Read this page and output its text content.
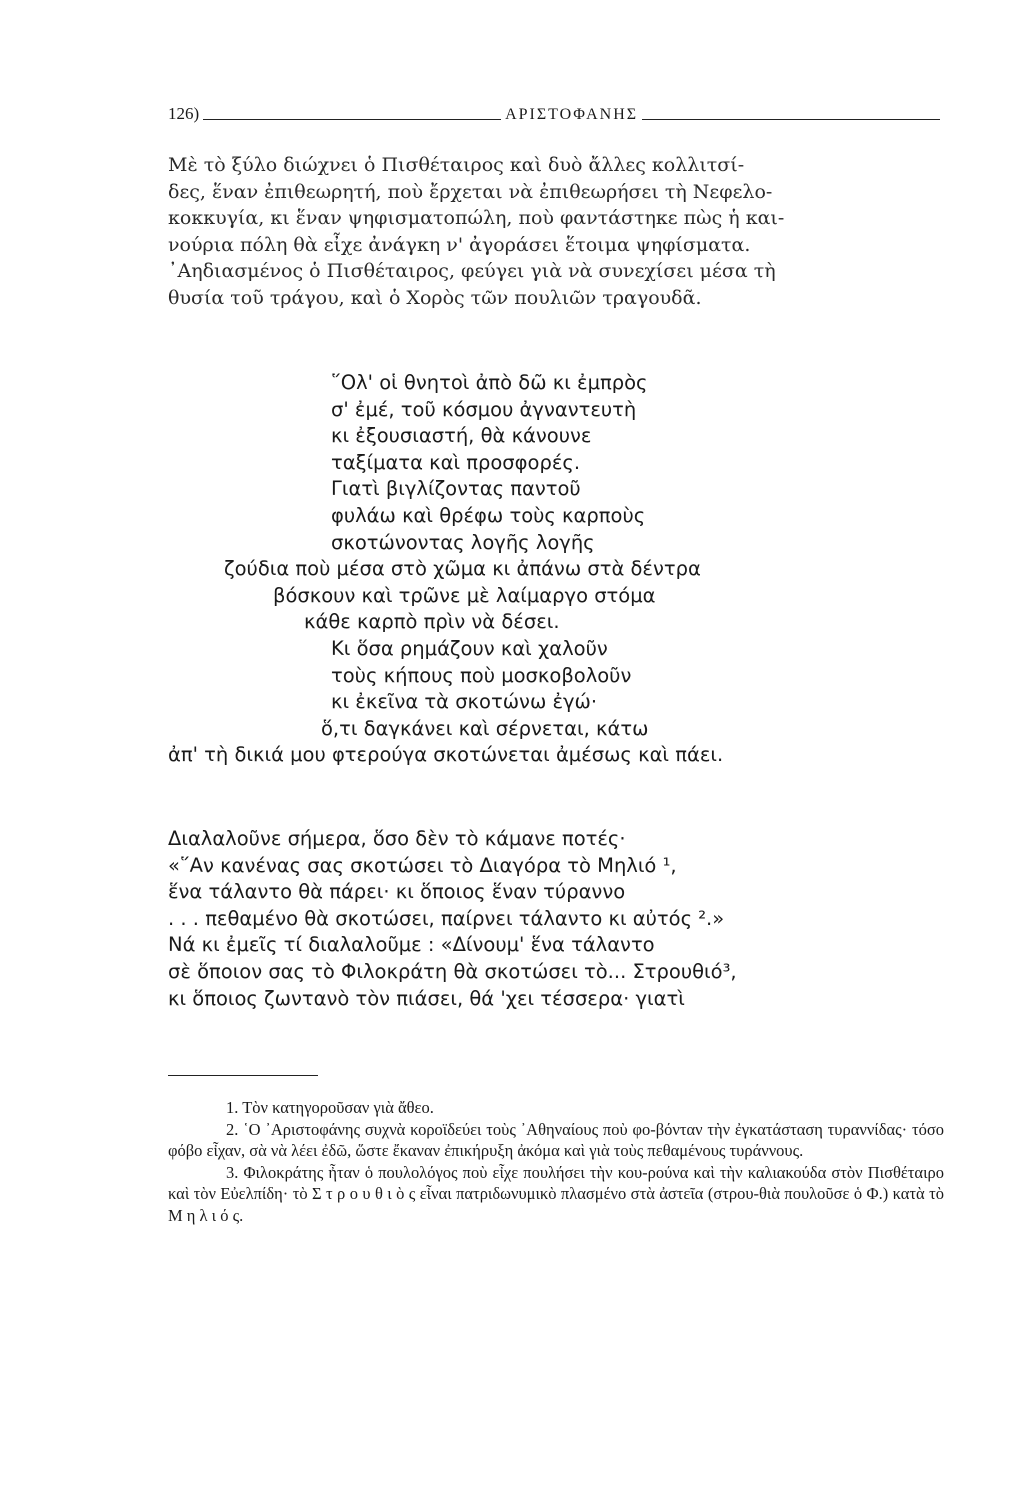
126)	ΑΡΙΣΤΟΦΑΝΗΣ

Μὲ τὸ ξύλο διώχνει ὁ Πισθέταιρος καὶ δυὸ ἄλλες κολλιτσί-

δες, ἕναν ἐπιθεωρητή, ποὺ ἔρχεται νὰ ἐπιθεωρήσει τὴ Νεφελο-

κοκκυγία, κι ἕναν ψηφισματοπώλη, ποὺ φαντάστηκε πὼς ἡ και-

νούρια πόλη θὰ εἶχε ἀνάγκη ν' ἀγοράσει ἕτοιμα ψηφίσματα.

᾽Αηδιασμένος ὁ Πισθέταιρος, φεύγει γιὰ νὰ συνεχίσει μέσα τὴ

θυσία τοῦ τράγου, καὶ ὁ Χορὸς τῶν πουλιῶν τραγουδᾶ.

῞Ολ' οἱ θνητοὶ ἀπὸ δῶ κι ἐμπρὸς
σ' ἐμέ, τοῦ κόσμου ἀγναντευτὴ
κι ἐξουσιαστή, θὰ κάνουνε
ταξίματα καὶ προσφορές.
Γιατὶ βιγλίζοντας παντοῦ
φυλάω καὶ θρέφω τοὺς καρποὺς
σκοτώνοντας λογῆς λογῆς
ζούδια ποὺ μέσα στὸ χῶμα κι ἀπάνω στὰ δέντρα
βόσκουν καὶ τρῶνε μὲ λαίμαργο στόμα
κάθε καρπὸ πρὶν νὰ δέσει.
Κι ὅσα ρημάζουν καὶ χαλοῦν
τοὺς κήπους ποὺ μοσκοβολοῦν
κι ἐκεῖνα τὰ σκοτώνω ἐγώ·
ὅ,τι δαγκάνει καὶ σέρνεται, κάτω
ἀπ' τὴ δικιά μου φτερούγα σκοτώνεται ἀμέσως καὶ πάει.
Διαλαλοῦνε σήμερα, ὅσο δὲν τὸ κάμανε ποτές·
«῞Αν κανένας σας σκοτώσει τὸ Διαγόρα τὸ Μηλιό ¹,
ἕνα τάλαντο θὰ πάρει· κι ὅποιος ἕναν τύραννο
. . . πεθαμένο θὰ σκοτώσει, παίρνει τάλαντο κι αὐτός ².»
Νά κι ἐμεῖς τί διαλαλοῦμε : «Δίνουμ' ἕνα τάλαντο
σὲ ὅποιον σας τὸ Φιλοκράτη θὰ σκοτώσει τὸ... Στρουθιό³,
κι ὅποιος ζωντανὸ τὸν πιάσει, θά 'χει τέσσερα· γιατὶ

1. Τὸν κατηγοροῦσαν γιὰ ἄθεο.

2. ῾Ο ᾽Αριστοφάνης συχνὰ κοροϊδεύει τοὺς ᾽Αθηναίους ποὺ φο-βόνταν τὴν ἐγκατάσταση τυραννίδας· τόσο φόβο εἶχαν, σὰ νὰ λέει ἐδῶ, ὥστε ἔκαναν ἐπικήρυξη ἀκόμα καὶ γιὰ τοὺς πεθαμένους τυράννους.

3. Φιλοκράτης ἦταν ὁ πουλολόγος ποὺ εἶχε πουλήσει τὴν κου-ρούνα καὶ τὴν καλιακούδα στὸν Πισθέταιρο καὶ τὸν Εὐελπίδη· τὸ Σ τ ρ ο υ θ ι ὸ ς εἶναι πατριδωνυμικὸ πλασμένο στὰ ἀστεῖα (στρου-θιὰ πουλοῦσε ὁ Φ.) κατὰ τὸ Μ η λ ι ό ς.
